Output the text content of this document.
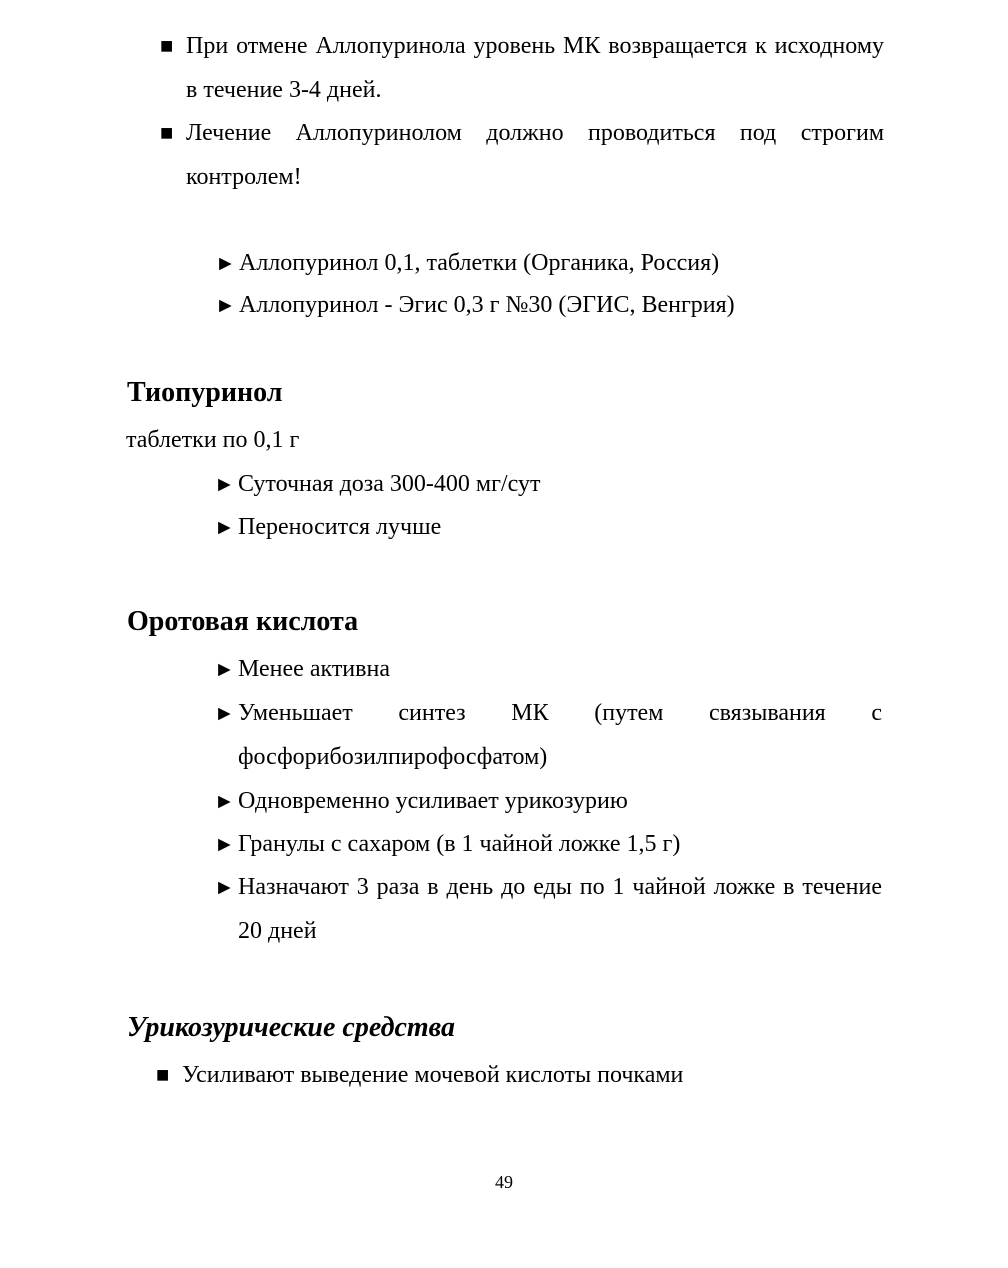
■ При отмене Аллопуринола уровень МК возвращается к исходному в течение 3-4 дней.
■ Лечение Аллопуринолом должно проводиться под строгим контролем!
► Аллопуринол 0,1, таблетки (Органика, Россия)
► Аллопуринол - Эгис 0,3 г №30 (ЭГИС, Венгрия)
Тиопуринол
таблетки по 0,1 г
► Суточная доза 300-400 мг/сут
► Переносится лучше
Оротовая кислота
► Менее активна
► Уменьшает синтез МК (путем связывания с фосфорибозилпирофосфатом)
► Одновременно усиливает урикозурию
► Гранулы с сахаром (в 1 чайной ложке 1,5 г)
► Назначают 3 раза в день до еды по 1 чайной ложке в течение 20 дней
Урикозурические средства
■ Усиливают выведение мочевой кислоты почками
49
